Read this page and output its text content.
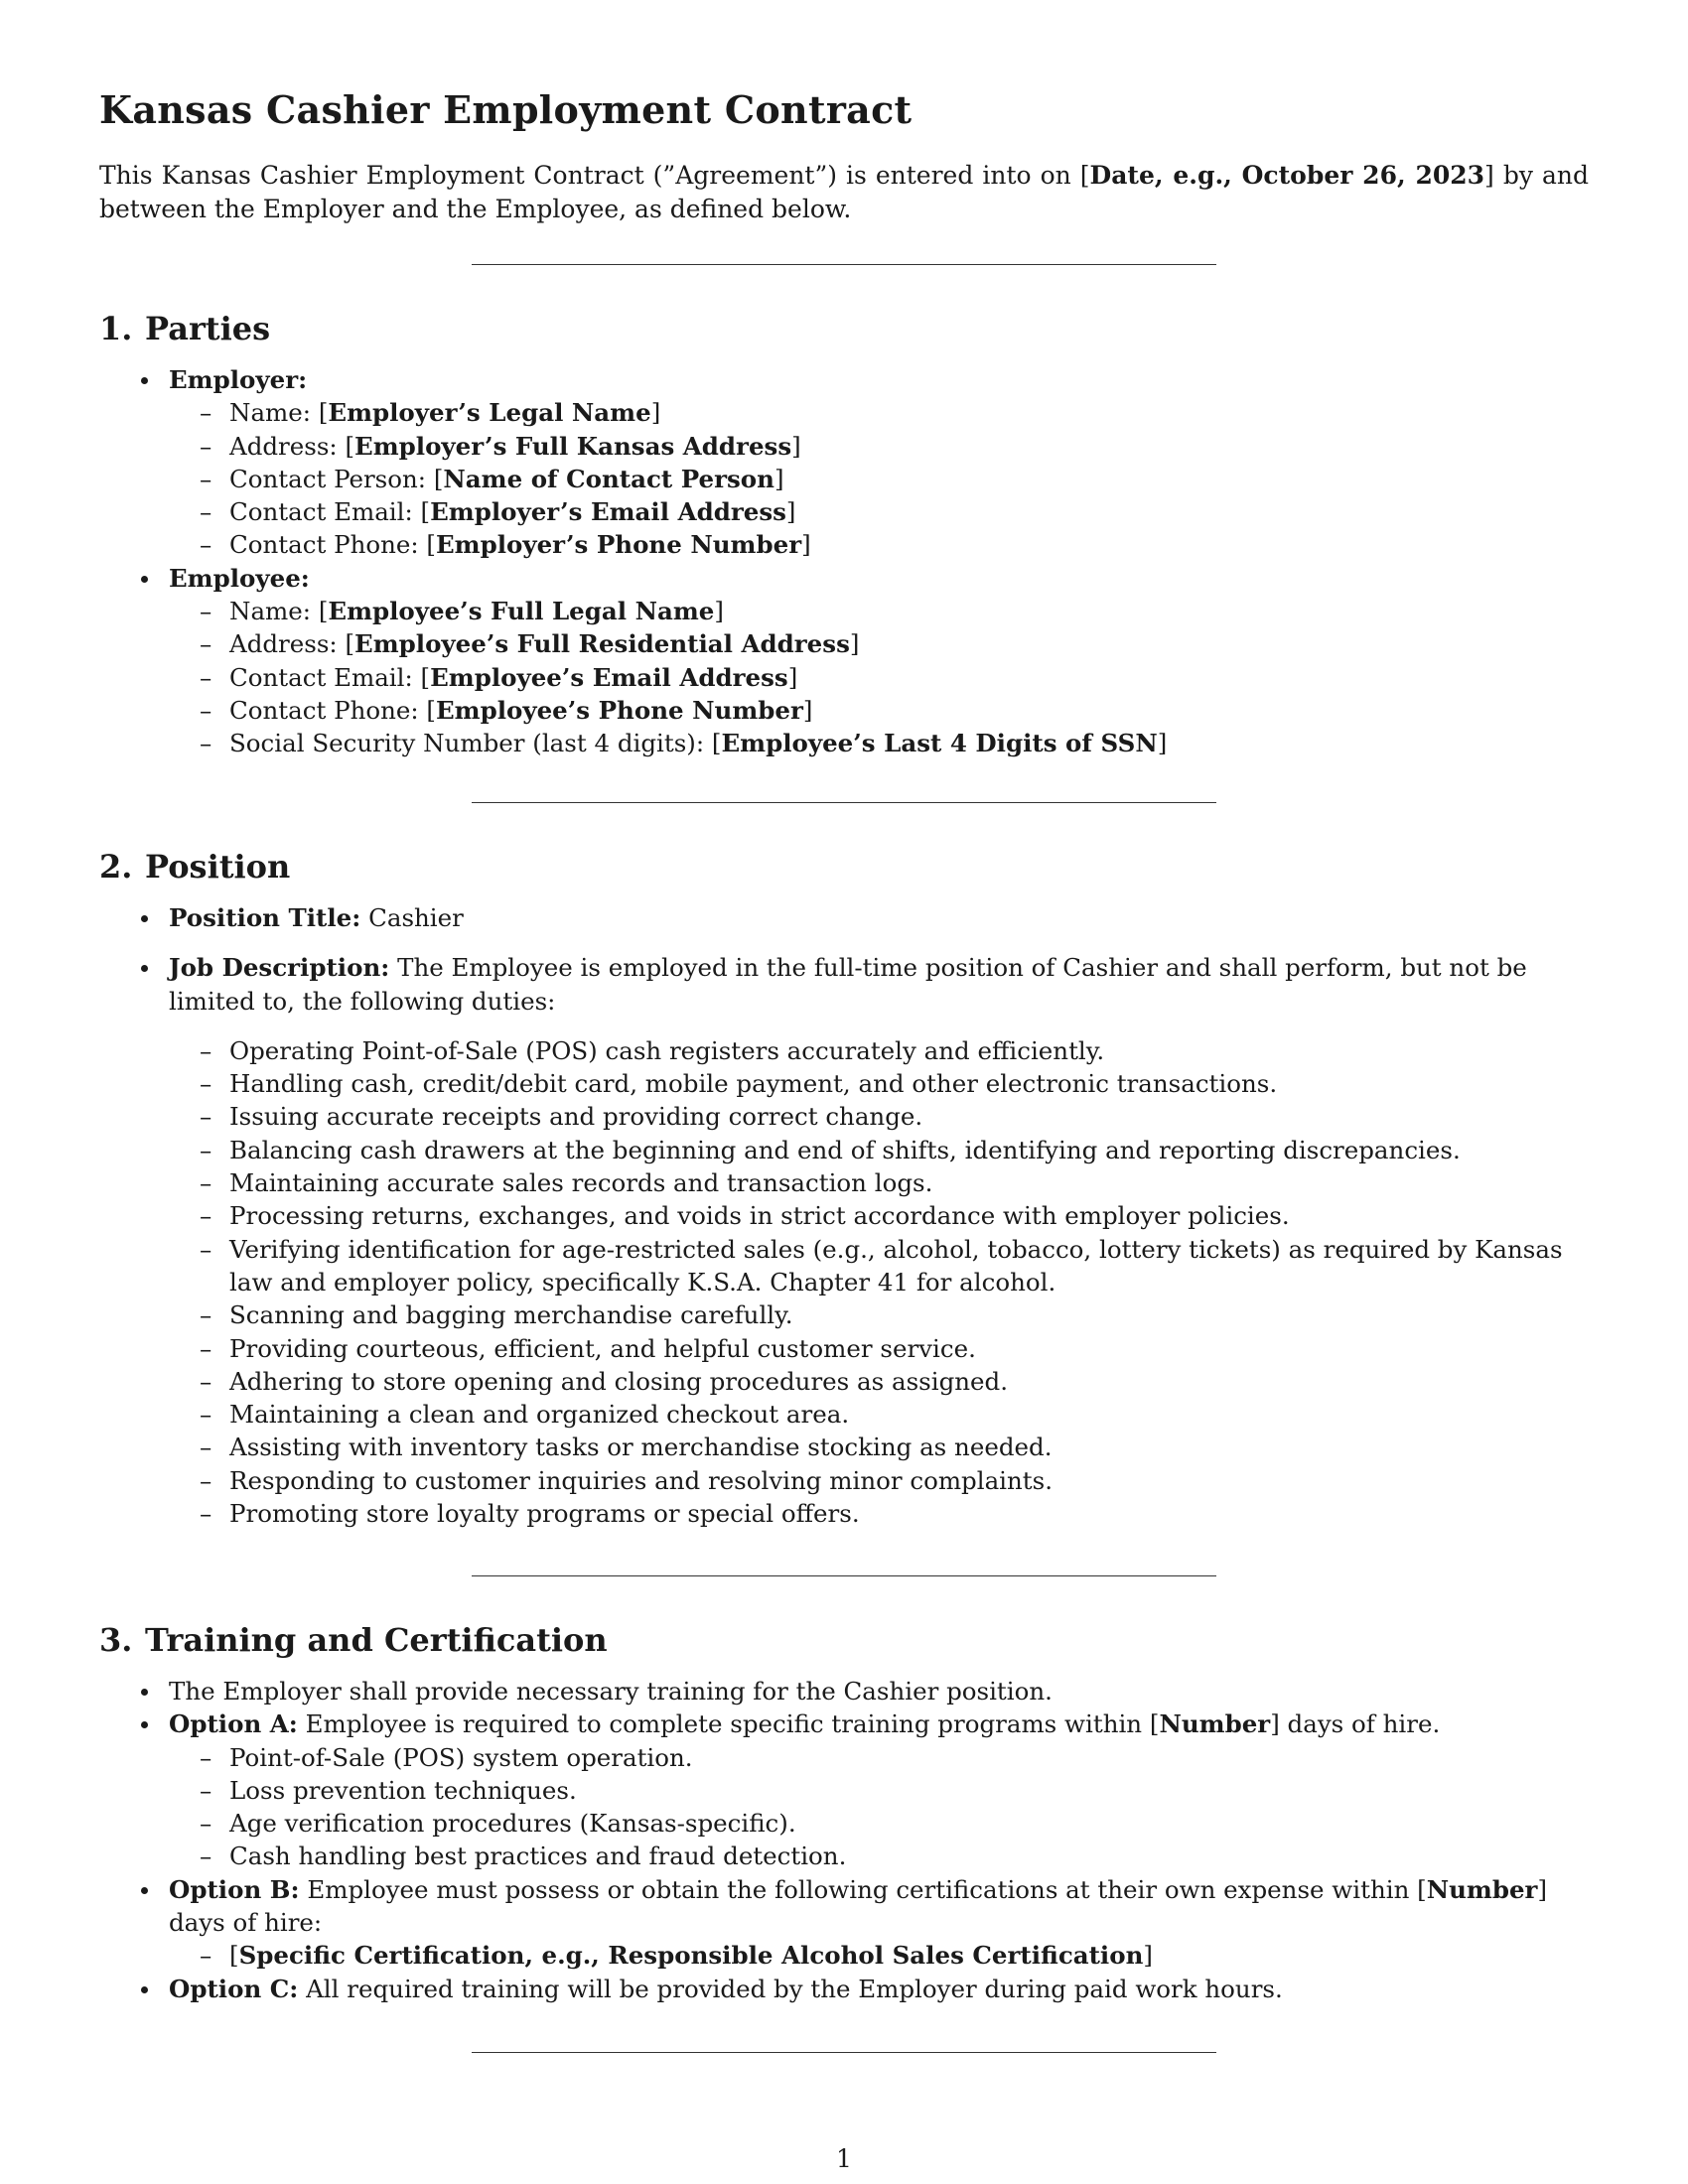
Kansas Cashier Employment Contract

This Kansas Cashier Employment Contract (”Agreement”) is entered into on [Date, e.g., October 26, 2023] by and between the Employer and the Employee, as defined below.

1. Parties
Employer:
– Name: [Employer’s Legal Name]
– Address: [Employer’s Full Kansas Address]
– Contact Person: [Name of Contact Person]
– Contact Email: [Employer’s Email Address]
– Contact Phone: [Employer’s Phone Number]
Employee:
– Name: [Employee’s Full Legal Name]
– Address: [Employee’s Full Residential Address]
– Contact Email: [Employee’s Email Address]
– Contact Phone: [Employee’s Phone Number]
– Social Security Number (last 4 digits): [Employee’s Last 4 Digits of SSN]
2. Position
Position Title: Cashier
Job Description: The Employee is employed in the full-time position of Cashier and shall perform, but not be limited to, the following duties:
– Operating Point-of-Sale (POS) cash registers accurately and efficiently.
– Handling cash, credit/debit card, mobile payment, and other electronic transactions.
– Issuing accurate receipts and providing correct change.
– Balancing cash drawers at the beginning and end of shifts, identifying and reporting discrepancies.
– Maintaining accurate sales records and transaction logs.
– Processing returns, exchanges, and voids in strict accordance with employer policies.
– Verifying identification for age-restricted sales (e.g., alcohol, tobacco, lottery tickets) as required by Kansas law and employer policy, specifically K.S.A. Chapter 41 for alcohol.
– Scanning and bagging merchandise carefully.
– Providing courteous, efficient, and helpful customer service.
– Adhering to store opening and closing procedures as assigned.
– Maintaining a clean and organized checkout area.
– Assisting with inventory tasks or merchandise stocking as needed.
– Responding to customer inquiries and resolving minor complaints.
– Promoting store loyalty programs or special offers.
3. Training and Certification
The Employer shall provide necessary training for the Cashier position.
Option A: Employee is required to complete specific training programs within [Number] days of hire.
– Point-of-Sale (POS) system operation.
– Loss prevention techniques.
– Age verification procedures (Kansas-specific).
– Cash handling best practices and fraud detection.
Option B: Employee must possess or obtain the following certifications at their own expense within [Number] days of hire:
– [Specific Certification, e.g., Responsible Alcohol Sales Certification]
Option C: All required training will be provided by the Employer during paid work hours.
1
